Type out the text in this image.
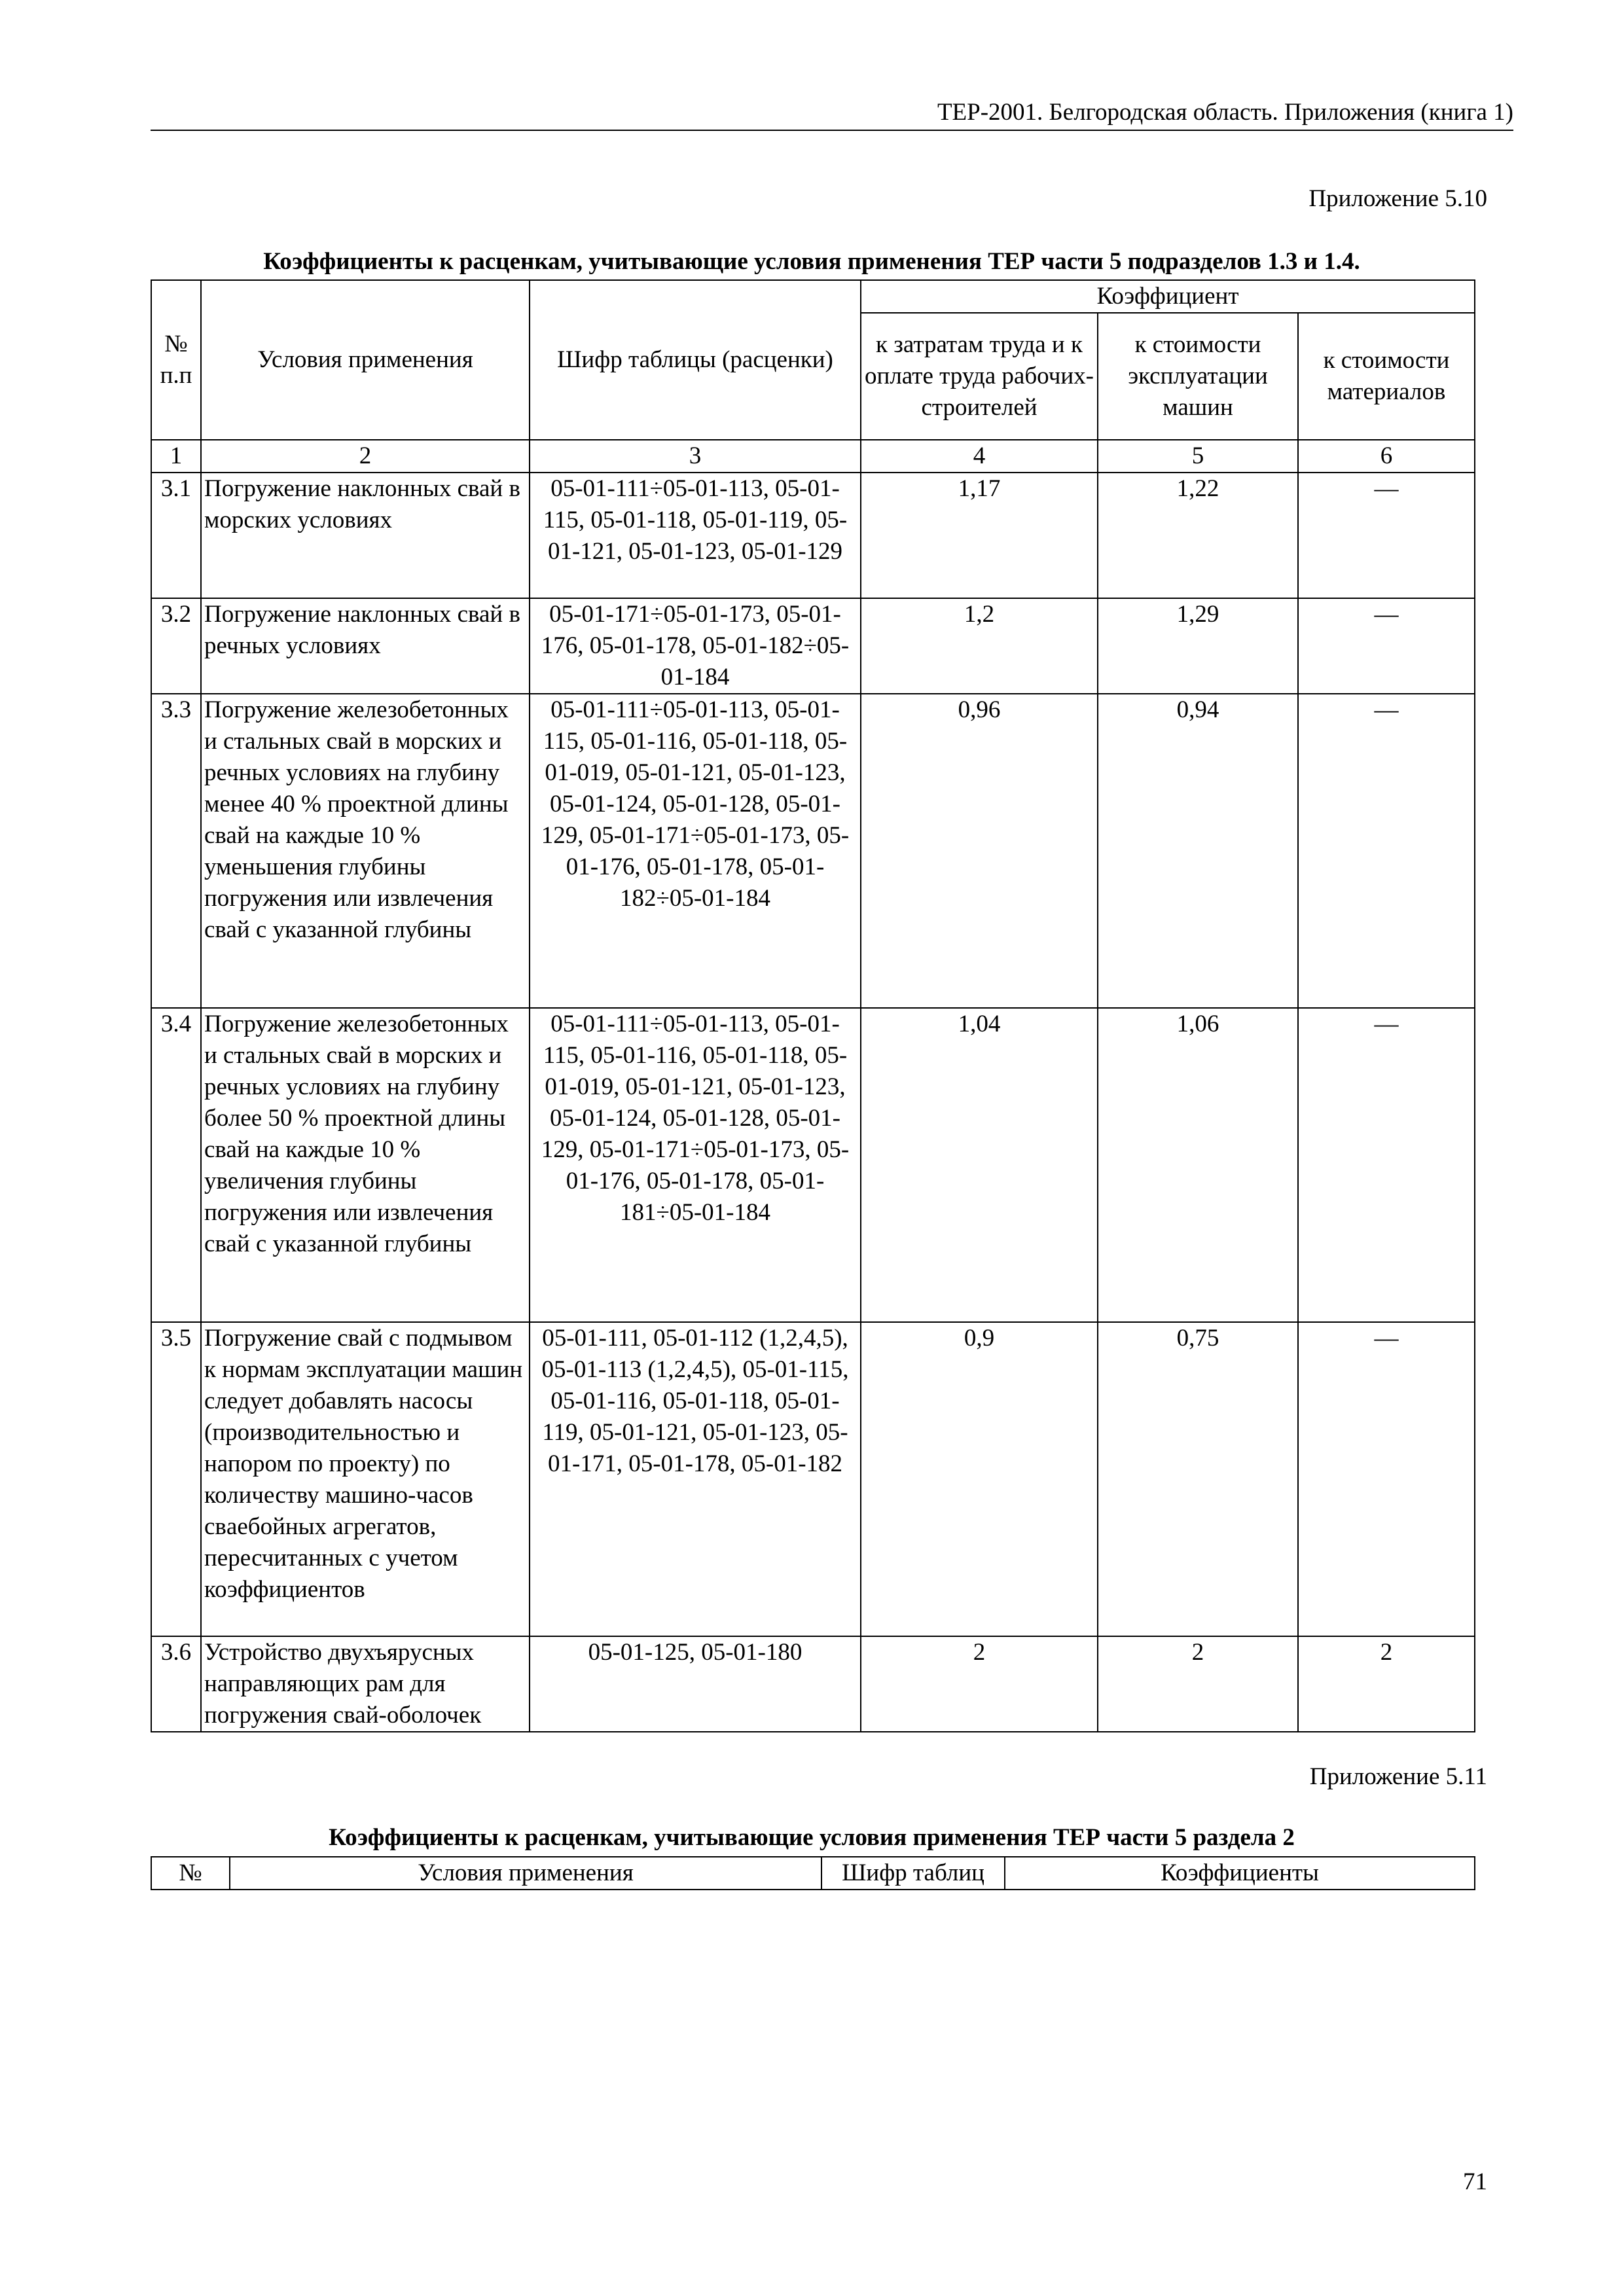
ТЕР-2001. Белгородская область. Приложения (книга 1)
Приложение 5.10
Коэффициенты к расценкам, учитывающие условия применения ТЕР части 5 подразделов 1.3 и 1.4.
№ п.п	Условия применения	Шифр таблицы (расценки)	Коэффициент		
			к затратам труда и к оплате труда рабочих-строителей	к стоимости эксплуатации машин	к стоимости материалов
1	2	3	4	5	6
3.1	Погружение наклонных свай в морских условиях	05-01-111÷05-01-113, 05-01-115, 05-01-118, 05-01-119, 05-01-121, 05-01-123, 05-01-129	1,17	1,22	—
3.2	Погружение наклонных свай в речных условиях	05-01-171÷05-01-173, 05-01-176, 05-01-178, 05-01-182÷05-01-184	1,2	1,29	—
3.3	Погружение железобетонных и стальных свай в морских и речных условиях на глубину менее 40 % проектной длины свай на каждые 10 % уменьшения глубины погружения или извлечения свай с указанной глубины	05-01-111÷05-01-113, 05-01-115, 05-01-116, 05-01-118, 05-01-019, 05-01-121, 05-01-123, 05-01-124, 05-01-128, 05-01-129, 05-01-171÷05-01-173, 05-01-176, 05-01-178, 05-01-182÷05-01-184	0,96	0,94	—
3.4	Погружение железобетонных и стальных свай в морских и речных условиях на глубину более 50 % проектной длины свай на каждые 10 % увеличения глубины погружения или извлечения свай с указанной глубины	05-01-111÷05-01-113, 05-01-115, 05-01-116, 05-01-118, 05-01-019, 05-01-121, 05-01-123, 05-01-124, 05-01-128, 05-01-129, 05-01-171÷05-01-173, 05-01-176, 05-01-178, 05-01-181÷05-01-184	1,04	1,06	—
3.5	Погружение свай с подмывом к нормам эксплуатации машин следует добавлять насосы (производительностью и напором по проекту) по количеству машино-часов свaебойных агрегатов, пересчитанных с учетом коэффициентов	05-01-111, 05-01-112 (1,2,4,5), 05-01-113 (1,2,4,5), 05-01-115, 05-01-116, 05-01-118, 05-01-119, 05-01-121, 05-01-123, 05-01-171, 05-01-178, 05-01-182	0,9	0,75	—
3.6	Устройство двухъярусных направляющих рам для погружения свай-оболочек	05-01-125, 05-01-180	2	2	2
Приложение 5.11
Коэффициенты к расценкам, учитывающие условия применения ТЕР части 5 раздела 2
№	Условия применения	Шифр таблиц	Коэффициенты
71
